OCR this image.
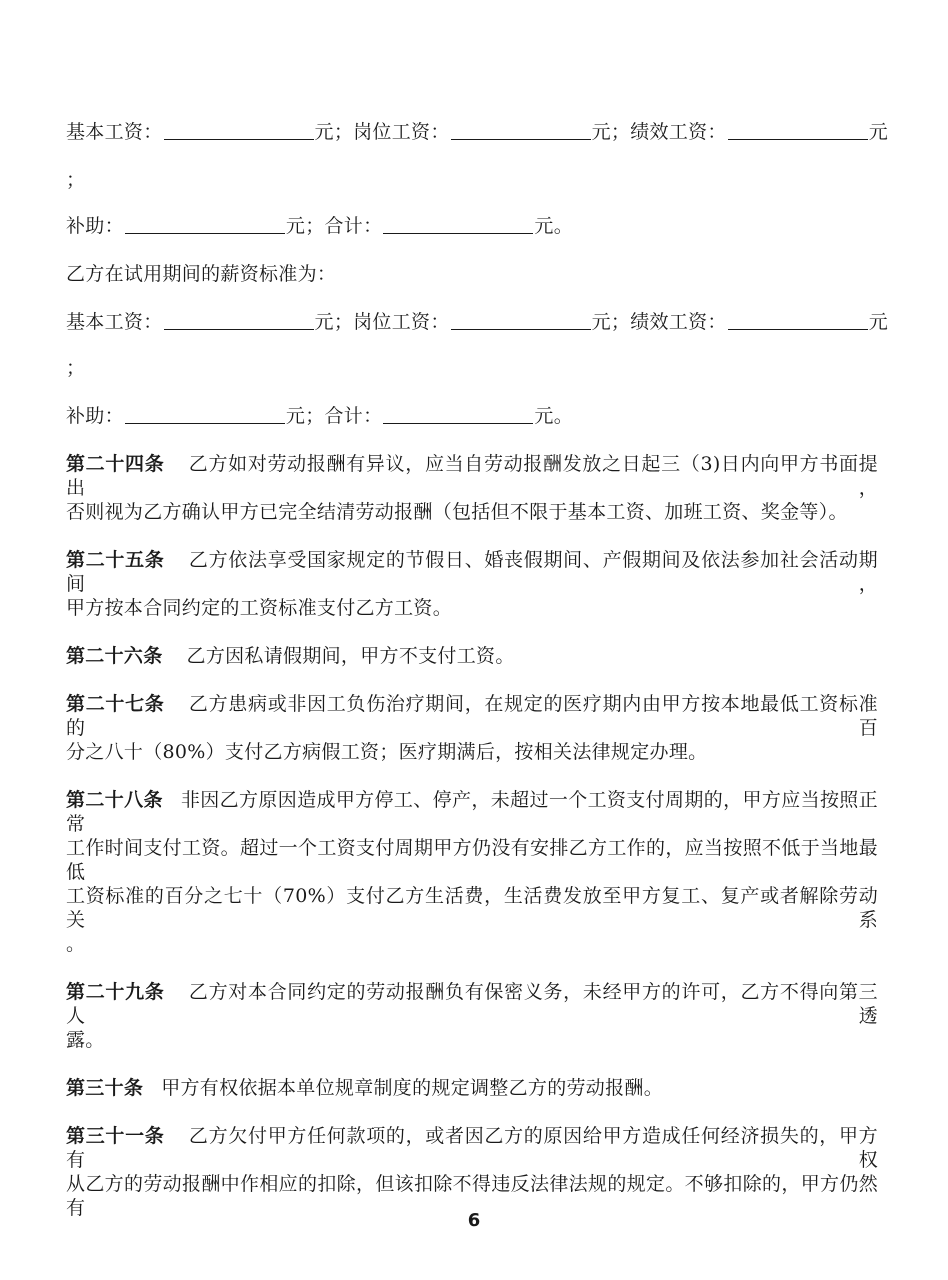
基本工资：	元；岗位工资：	元；绩效工资：	元
；
补助：	元；合计：	元。
乙方在试用期间的薪资标准为：
基本工资：	元；岗位工资：	元；绩效工资：	元
；
补助：	元；合计：	元。
第二十四条 乙方如对劳动报酬有异议，应当自劳动报酬发放之日起三（3)日内向甲方书面提出，
否则视为乙方确认甲方已完全结清劳动报酬（包括但不限于基本工资、加班工资、奖金等）。
第二十五条 乙方依法享受国家规定的节假日、婚丧假期间、产假期间及依法参加社会活动期间，
甲方按本合同约定的工资标准支付乙方工资。
第二十六条 乙方因私请假期间，甲方不支付工资。
第二十七条 乙方患病或非因工负伤治疗期间，在规定的医疗期内由甲方按本地最低工资标准的百
分之八十（80%）支付乙方病假工资；医疗期满后，按相关法律规定办理。
第二十八条 非因乙方原因造成甲方停工、停产，未超过一个工资支付周期的，甲方应当按照正常
工作时间支付工资。超过一个工资支付周期甲方仍没有安排乙方工作的，应当按照不低于当地最低
工资标准的百分之七十（70%）支付乙方生活费，生活费发放至甲方复工、复产或者解除劳动关系
。
第二十九条 乙方对本合同约定的劳动报酬负有保密义务，未经甲方的许可，乙方不得向第三人透
露。
第三十条 甲方有权依据本单位规章制度的规定调整乙方的劳动报酬。
第三十一条 乙方欠付甲方任何款项的，或者因乙方的原因给甲方造成任何经济损失的，甲方有权
从乙方的劳动报酬中作相应的扣除，但该扣除不得违反法律法规的规定。不够扣除的，甲方仍然有
6
